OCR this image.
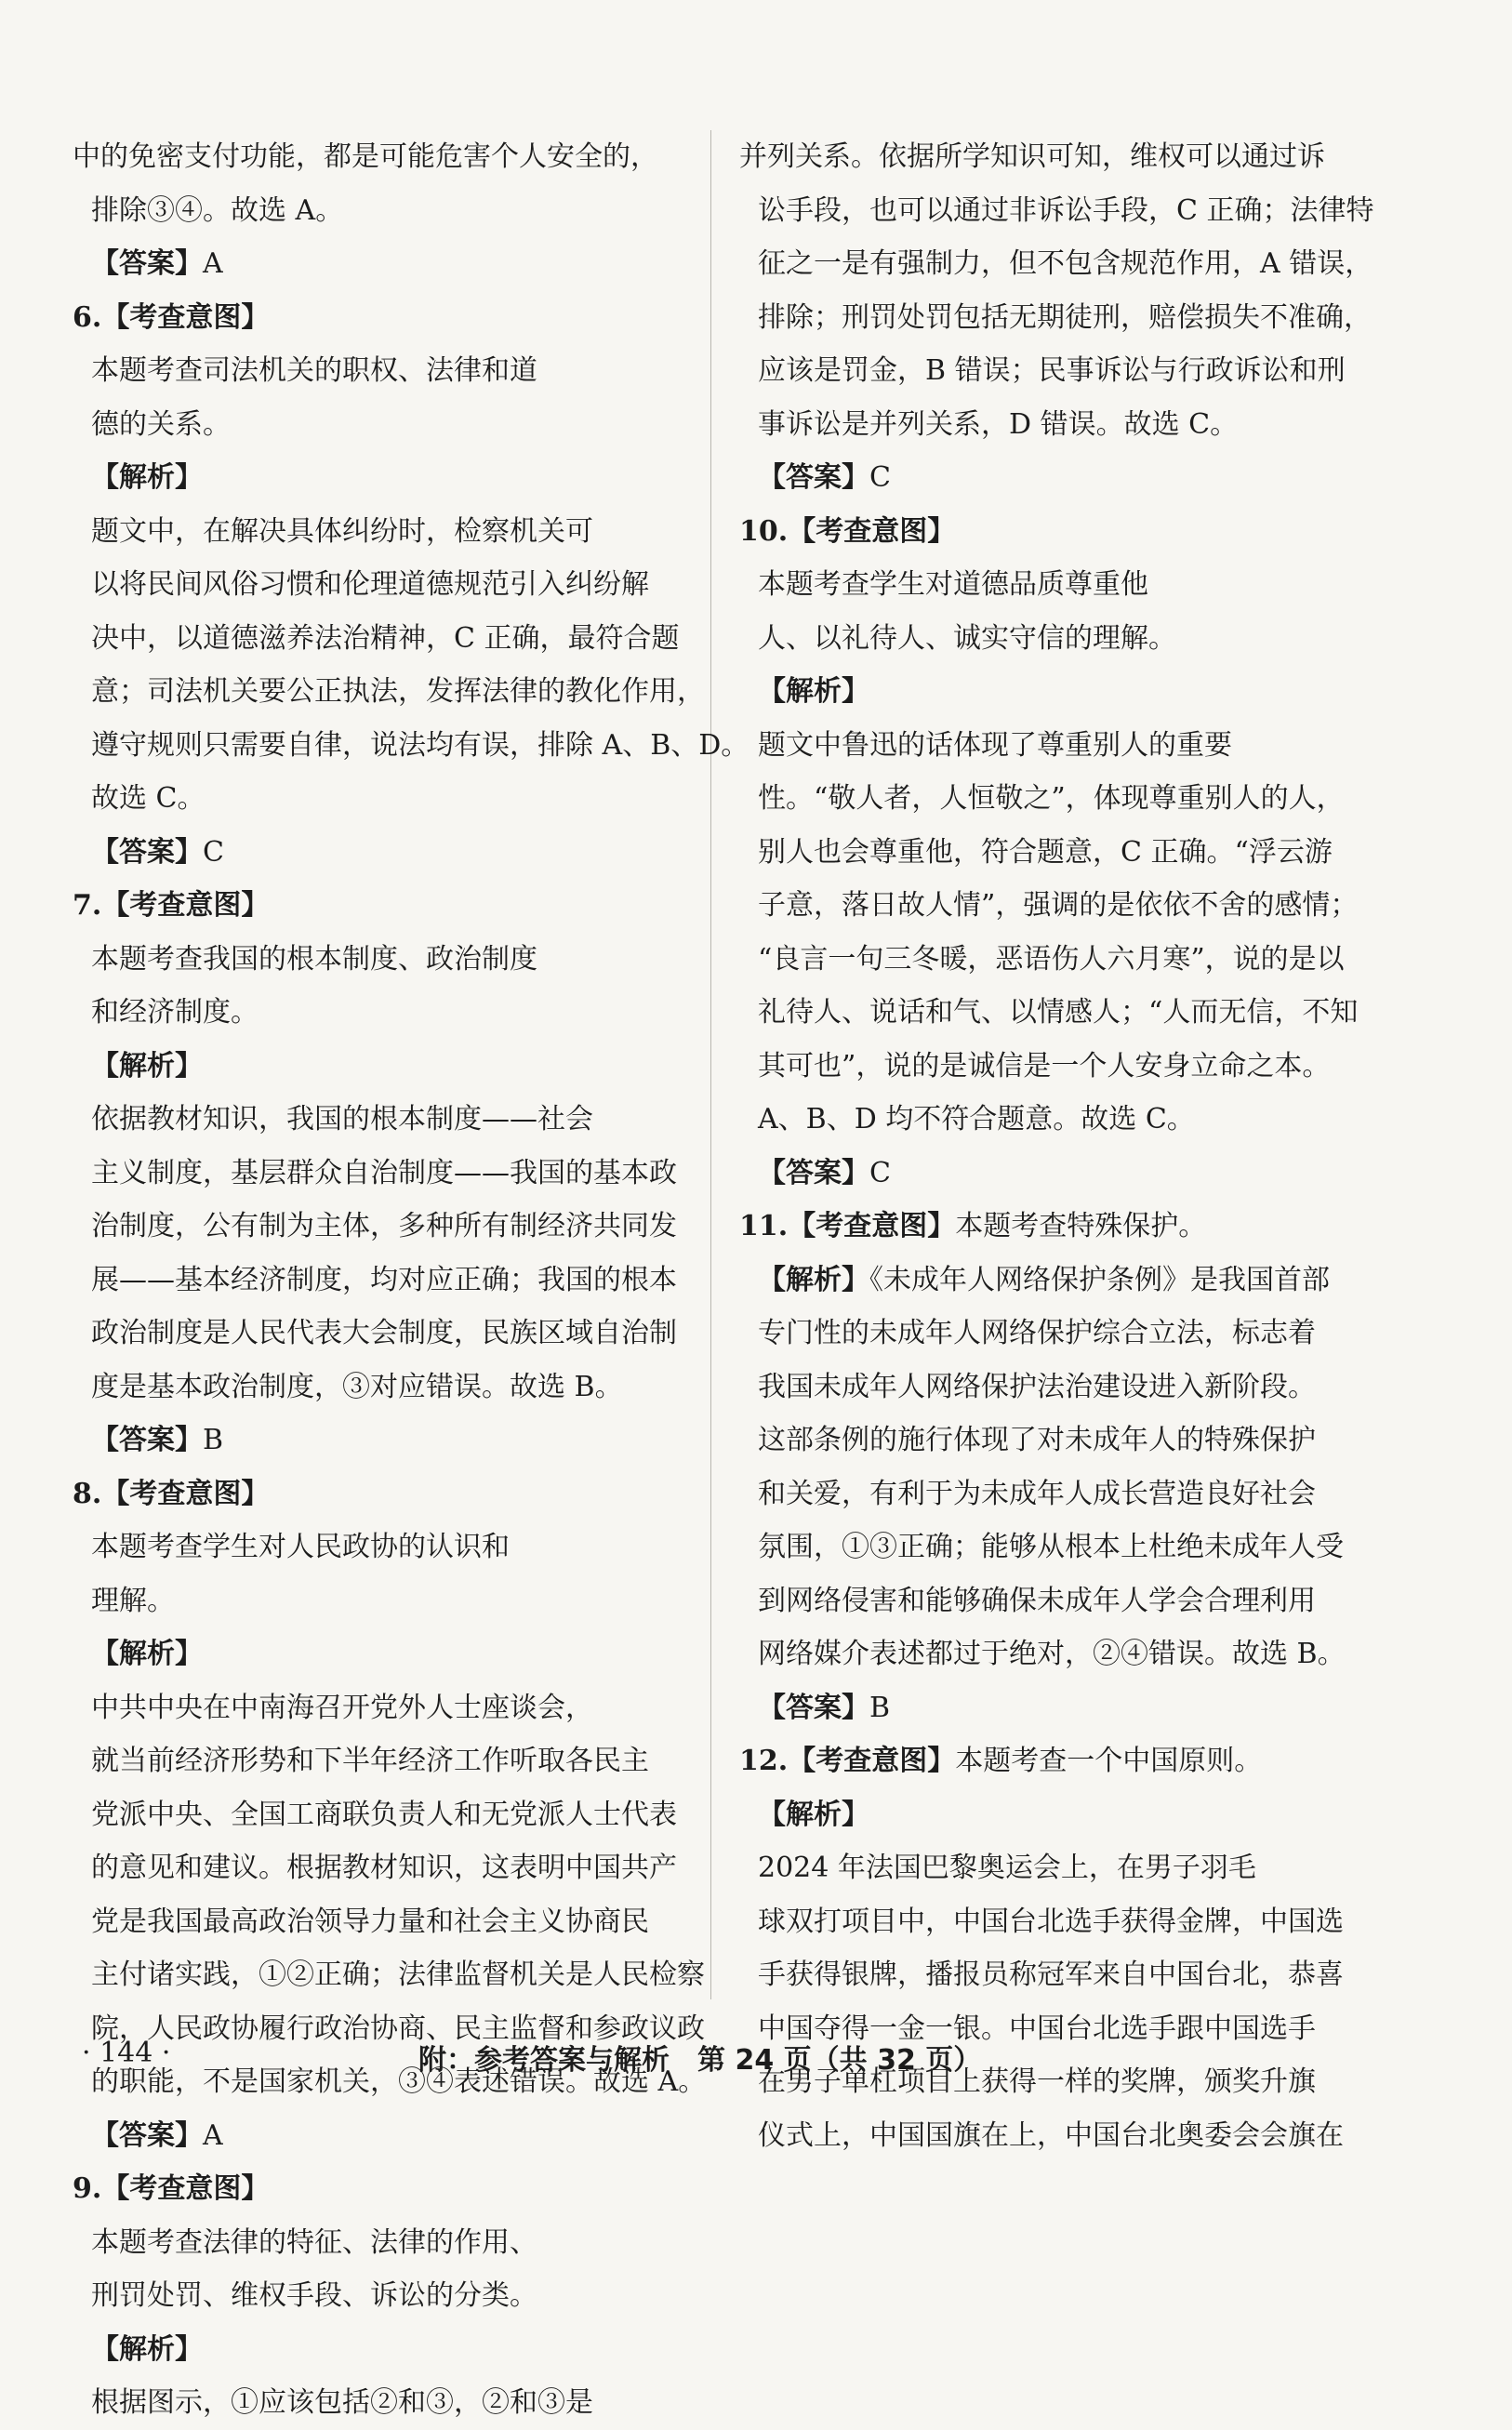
中的免密支付功能，都是可能危害个人安全的，
排除③④。故选 A。

【答案】A

6.【考查意图】本题考查司法机关的职权、法律和道
德的关系。

【解析】题文中，在解决具体纠纷时，检察机关可
以将民间风俗习惯和伦理道德规范引入纠纷解
决中，以道德滋养法治精神，C 正确，最符合题
意；司法机关要公正执法，发挥法律的教化作用，
遵守规则只需要自律，说法均有误，排除 A、B、D。
故选 C。

【答案】C

7.【考查意图】本题考查我国的根本制度、政治制度
和经济制度。

【解析】依据教材知识，我国的根本制度——社会
主义制度，基层群众自治制度——我国的基本政
治制度，公有制为主体，多种所有制经济共同发
展——基本经济制度，均对应正确；我国的根本
政治制度是人民代表大会制度，民族区域自治制
度是基本政治制度，③对应错误。故选 B。

【答案】B

8.【考查意图】本题考查学生对人民政协的认识和
理解。

【解析】中共中央在中南海召开党外人士座谈会，
就当前经济形势和下半年经济工作听取各民主
党派中央、全国工商联负责人和无党派人士代表
的意见和建议。根据教材知识，这表明中国共产
党是我国最高政治领导力量和社会主义协商民
主付诸实践，①②正确；法律监督机关是人民检察
院，人民政协履行政治协商、民主监督和参政议政
的职能，不是国家机关，③④表述错误。故选 A。

【答案】A

9.【考查意图】本题考查法律的特征、法律的作用、
刑罚处罚、维权手段、诉讼的分类。

【解析】根据图示，①应该包括②和③，②和③是

并列关系。依据所学知识可知，维权可以通过诉
讼手段，也可以通过非诉讼手段，C 正确；法律特
征之一是有强制力，但不包含规范作用，A 错误，
排除；刑罚处罚包括无期徒刑，赔偿损失不准确，
应该是罚金，B 错误；民事诉讼与行政诉讼和刑
事诉讼是并列关系，D 错误。故选 C。

【答案】C

10.【考查意图】本题考查学生对道德品质尊重他
人、以礼待人、诚实守信的理解。

【解析】题文中鲁迅的话体现了尊重别人的重要
性。“敬人者，人恒敬之”，体现尊重别人的人，
别人也会尊重他，符合题意，C 正确。“浮云游
子意，落日故人情”，强调的是依依不舍的感情；
“良言一句三冬暖，恶语伤人六月寒”，说的是以
礼待人、说话和气、以情感人；“人而无信，不知
其可也”，说的是诚信是一个人安身立命之本。
A、B、D 均不符合题意。故选 C。

【答案】C

11.【考查意图】本题考查特殊保护。

【解析】《未成年人网络保护条例》是我国首部
专门性的未成年人网络保护综合立法，标志着
我国未成年人网络保护法治建设进入新阶段。
这部条例的施行体现了对未成年人的特殊保护
和关爱，有利于为未成年人成长营造良好社会
氛围，①③正确；能够从根本上杜绝未成年人受
到网络侵害和能够确保未成年人学会合理利用
网络媒介表述都过于绝对，②④错误。故选 B。

【答案】B

12.【考查意图】本题考查一个中国原则。

【解析】2024 年法国巴黎奥运会上，在男子羽毛
球双打项目中，中国台北选手获得金牌，中国选
手获得银牌，播报员称冠军来自中国台北，恭喜
中国夺得一金一银。中国台北选手跟中国选手
在男子单杠项目上获得一样的奖牌，颁奖升旗
仪式上，中国国旗在上，中国台北奥委会会旗在

· 144 ·	附：参考答案与解析　第 24 页（共 32 页）
